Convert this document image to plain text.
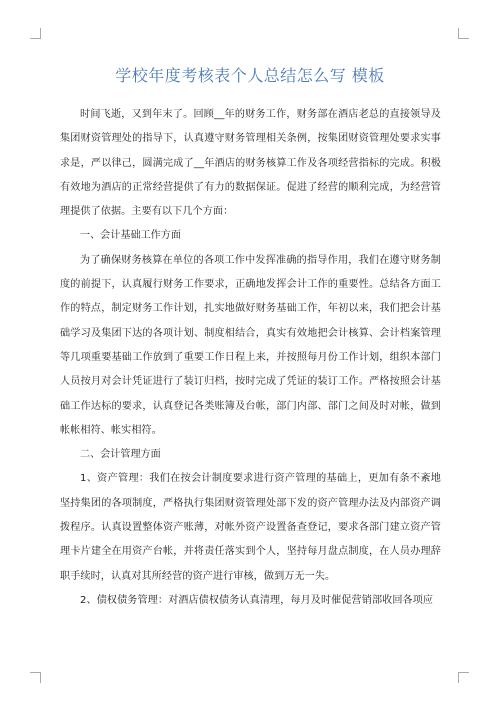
学校年度考核表个人总结怎么写 模板

时间飞逝，又到年末了。回顾__年的财务工作，财务部在酒店老总的直接领导及集团财资管理处的指导下，认真遵守财务管理相关条例，按集团财资管理处要求实事求是，严以律己，圆满完成了__年酒店的财务核算工作及各项经营指标的完成。积极有效地为酒店的正常经营提供了有力的数据保证。促进了经营的顺利完成，为经营管理提供了依据。主要有以下几个方面：

一、会计基础工作方面

为了确保财务核算在单位的各项工作中发挥准确的指导作用，我们在遵守财务制度的前提下，认真履行财务工作要求，正确地发挥会计工作的重要性。总结各方面工作的特点，制定财务工作计划，扎实地做好财务基础工作，年初以来，我们把会计基础学习及集团下达的各项计划、制度相结合，真实有效地把会计核算、会计档案管理等几项重要基础工作放到了重要工作日程上来，并按照每月份工作计划，组织本部门人员按月对会计凭证进行了装订归档，按时完成了凭证的装订工作。严格按照会计基础工作达标的要求，认真登记各类账簿及台帐，部门内部、部门之间及时对帐，做到帐帐相符、帐实相符。

二、会计管理方面

1、资产管理：我们在按会计制度要求进行资产管理的基础上，更加有条不紊地坚持集团的各项制度，严格执行集团财资管理处部下发的资产管理办法及内部资产调拨程序。认真设置整体资产账薄，对帐外资产设置备查登记，要求各部门建立资产管理卡片建全在用资产台帐，并将责任落实到个人，坚持每月盘点制度，在人员办理辞职手续时，认真对其所经营的资产进行审核，做到万无一失。

2、债权债务管理：对酒店债权债务认真清理，每月及时催促营销部收回各项应
